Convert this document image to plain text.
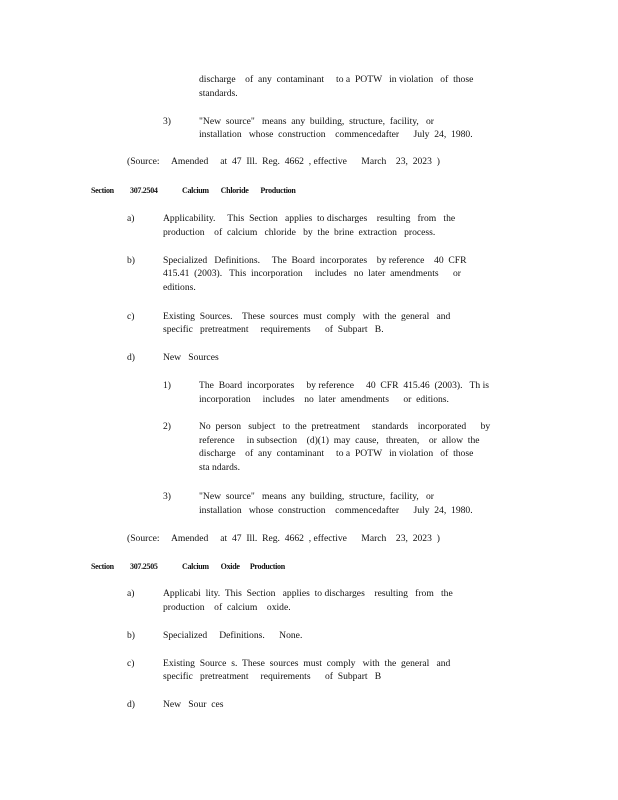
discharge    of  any  contaminant     to a  POTW   in violation   of  those
standards.
3)	"New  source"   means  any  building,  structure,  facility,   or
installation   whose  construction    commencedafter      July  24,  1980.
(Source:     Amended     at  47  Ill.  Reg.  4662  , effective      March    23,  2023  )
Section 307.2504	Calcium       Chloride       Production
a)	Applicability.     This  Section   applies  to discharges    resulting   from   the
production    of  calcium   chloride   by  the  brine  extraction   process.
b)	Specialized   Definitions.     The  Board  incorporates    by reference    40  CFR
415.41  (2003).   This  incorporation     includes   no  later  amendments      or
editions.
c)	Existing  Sources.    These  sources  must  comply   with  the  general   and
specific   pretreatment     requirements      of  Subpart   B.
d)	New   Sources
1)	The  Board  incorporates     by reference     40  CFR  415.46  (2003).   Th is
incorporation     includes    no  later  amendments      or  editions.
2)	No  person   subject   to  the  pretreatment     standards    incorporated      by
reference     in subsection    (d)(1)  may  cause,   threaten,    or  allow  the
discharge    of  any  contaminant     to a  POTW   in violation   of  those
sta ndards.
3)	"New  source"   means  any  building,  structure,  facility,   or
installation   whose  construction    commencedafter      July  24,  1980.
(Source:     Amended     at  47  Ill.  Reg.  4662  , effective      March    23,  2023  )
Section 307.2505	Calcium       Oxide      Production
a)	Applicabi  lity.  This  Section   applies  to discharges    resulting   from   the
production    of  calcium    oxide.
b)	Specialized     Definitions.      None.
c)	Existing  Source  s.  These  sources  must  comply   with  the  general   and
specific   pretreatment     requirements      of  Subpart   B
d)	New   Sour  ces
